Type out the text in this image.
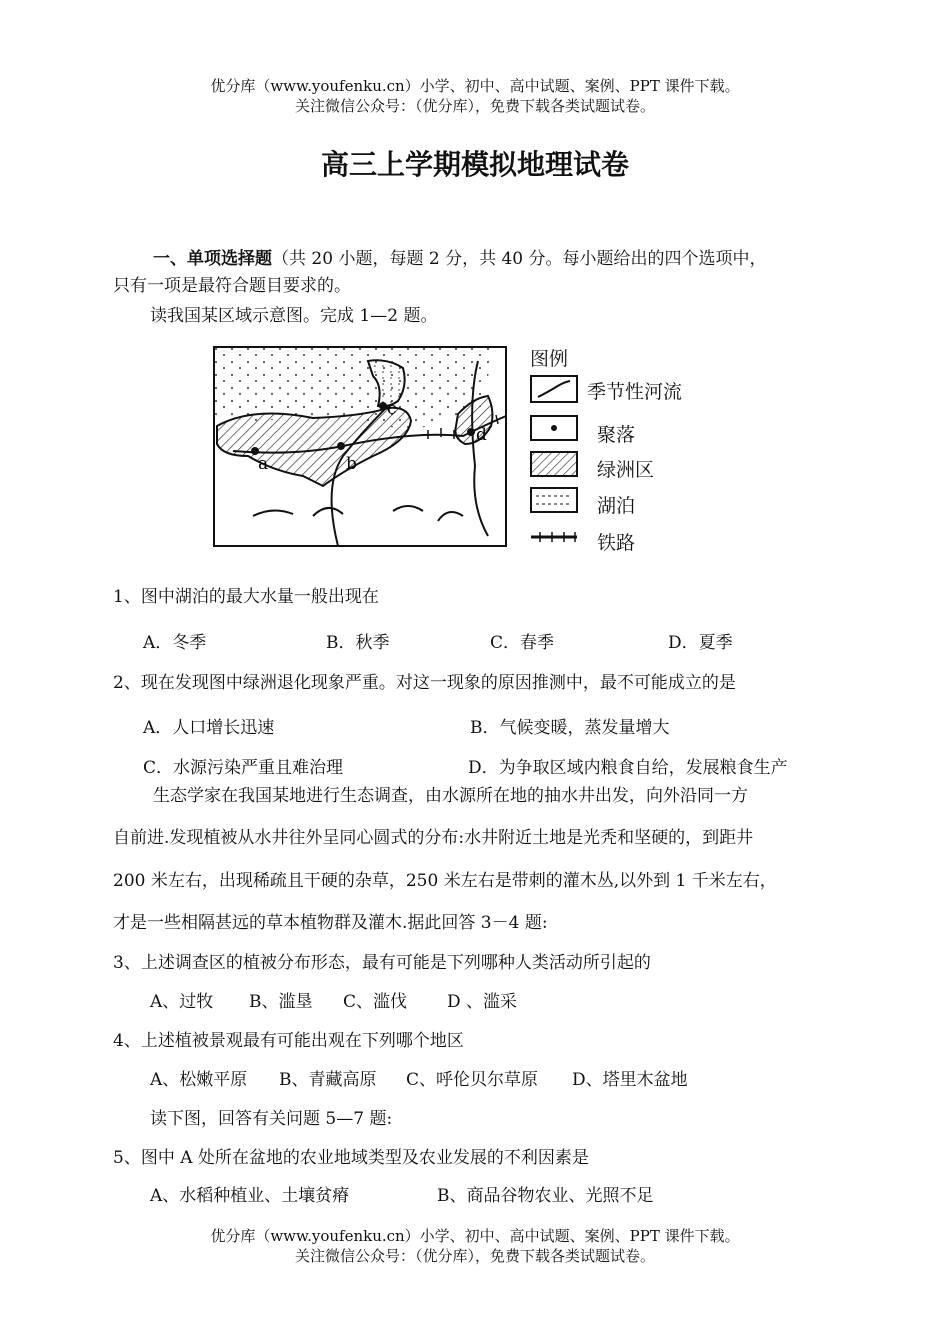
优分库（www.youfenku.cn）小学、初中、高中试题、案例、PPT 课件下载。
关注微信公众号：（优分库），免费下载各类试题试卷。
高三上学期模拟地理试卷
一、单项选择题（共 20 小题，每题 2 分，共 40 分。每小题给出的四个选项中，
只有一项是最符合题目要求的。
读我国某区域示意图。完成 1—2 题。
a	b
c
d
图例
季节性河流
聚落
绿洲区
湖泊
铁路
1、图中湖泊的最大水量一般出现在
A．冬季	B．秋季	C．春季	D．夏季
2、现在发现图中绿洲退化现象严重。对这一现象的原因推测中，最不可能成立的是
A．人口增长迅速	B．气候变暖，蒸发量增大
C．水源污染严重且难治理	D．为争取区域内粮食自给，发展粮食生产
生态学家在我国某地进行生态调查，由水源所在地的抽水井出发，向外沿同一方
自前进.发现植被从水井往外呈同心圆式的分布:水井附近土地是光秃和坚硬的，到距井
200 米左右，出现稀疏且干硬的杂草，250 米左右是带刺的灌木丛,以外到 1 千米左右，
才是一些相隔甚远的草本植物群及灌木.据此回答 3－4 题:
3、上述调查区的植被分布形态，最有可能是下列哪种人类活动所引起的
A、过牧 B、滥垦 C、滥伐 D 、滥采
4、上述植被景观最有可能出观在下列哪个地区
A、松嫩平原 B、青藏高原 C、呼伦贝尔草原 D、塔里木盆地
读下图，回答有关问题 5—7 题:
5、图中 A 处所在盆地的农业地域类型及农业发展的不利因素是
A、水稻种植业、土壤贫瘠	B、商品谷物农业、光照不足
优分库（www.youfenku.cn）小学、初中、高中试题、案例、PPT 课件下载。
关注微信公众号：（优分库），免费下载各类试题试卷。
